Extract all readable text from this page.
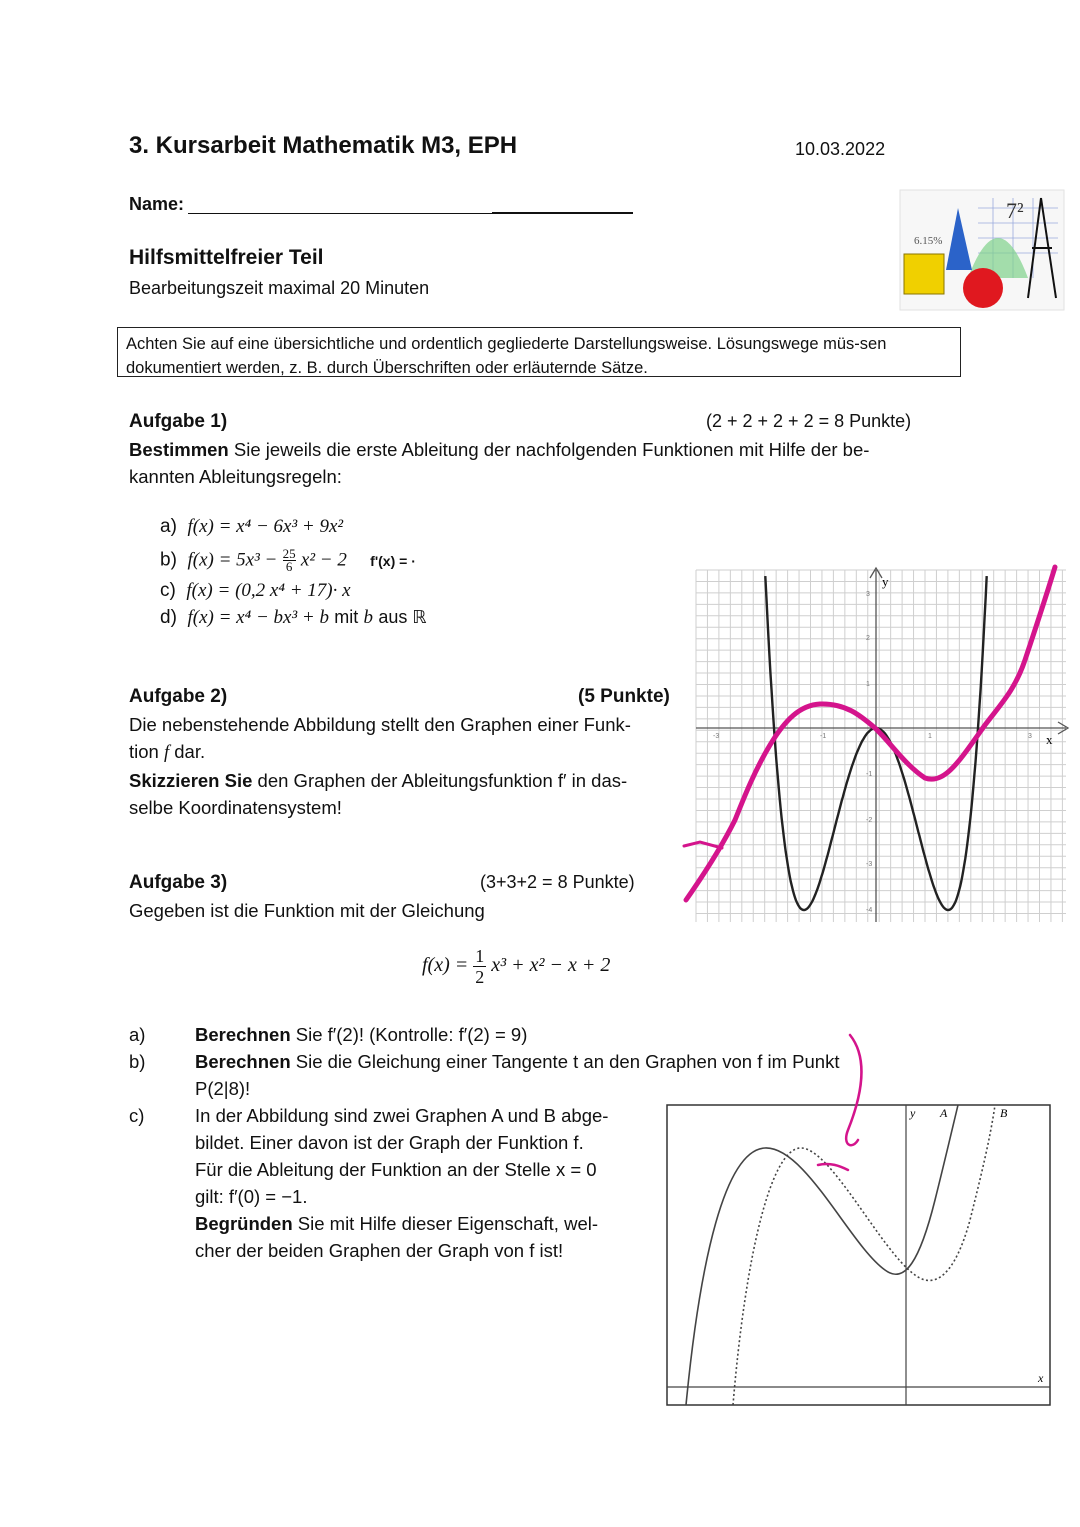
3. Kursarbeit Mathematik M3, EPH	10.03.2022
Name:
6.15%
7²
Hilfsmittelfreier Teil
Bearbeitungszeit maximal 20 Minuten
Achten Sie auf eine übersichtliche und ordentlich gegliederte Darstellungsweise. Lösungswege müs-sen dokumentiert werden, z. B. durch Überschriften oder erläuternde Sätze.
Aufgabe 1)	(2 + 2 + 2 + 2 = 8 Punkte)
Bestimmen Sie jeweils die erste Ableitung der nachfolgenden Funktionen mit Hilfe der be-
kannten Ableitungsregeln:
a) f(x) = x⁴ − 6x³ + 9x²
b) $f(x) = 5x^3 - \frac{25}{6} x^2 - 2$ f'(x) = ·
c) f(x) = (0,2 x⁴ + 17)· x
d) f(x) = x⁴ − bx³ + b mit b aus ℝ
Aufgabe 2)	(5 Punkte)
Die nebenstehende Abbildung stellt den Graphen einer Funk-
tion f dar.
Skizzieren Sie den Graphen der Ableitungsfunktion f′ in das-
selbe Koordinatensystem!
x
y
-3	-1	1	3
3
2
1
-1
-2
-3
-4
Aufgabe 3)	(3+3+2 = 8 Punkte)
Gegeben ist die Funktion mit der Gleichung
$f(x) = \frac{1}{2} x^3 + x^2 - x + 2$
a)	Berechnen Sie f′(2)! (Kontrolle: f′(2) = 9)
b)	Berechnen Sie die Gleichung einer Tangente t an den Graphen von f im Punkt
P(2|8)!
c)	In der Abbildung sind zwei Graphen A und B abge-
bildet. Einer davon ist der Graph der Funktion f.
Für die Ableitung der Funktion an der Stelle x = 0
gilt: f′(0) = −1.
Begründen Sie mit Hilfe dieser Eigenschaft, wel-
cher der beiden Graphen der Graph von f ist!
y A	B
x
